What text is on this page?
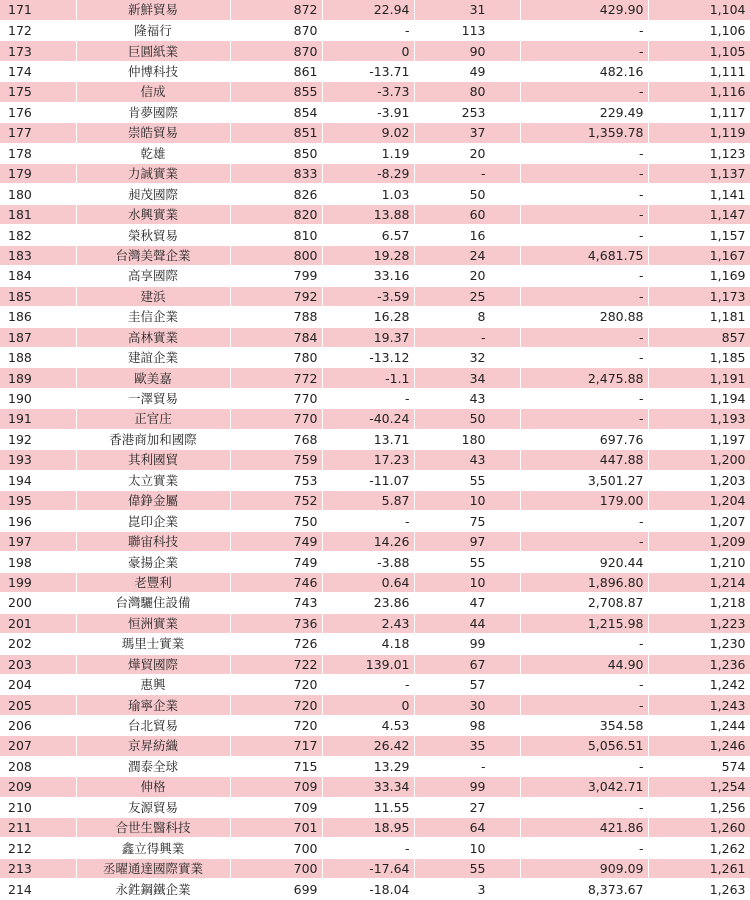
171	新鮮貿易	872	22.94	31	429.90	1,104
172	隆福行	870	-	113	-	1,106
173	巨圓紙業	870	0	90	-	1,105
174	仲博科技	861	-13.71	49	482.16	1,111
175	信成	855	-3.73	80	-	1,116
176	肯夢國際	854	-3.91	253	229.49	1,117
177	崇皓貿易	851	9.02	37	1,359.78	1,119
178	乾雄	850	1.19	20	-	1,123
179	力誠實業	833	-8.29	-	-	1,137
180	昶茂國際	826	1.03	50	-	1,141
181	水興實業	820	13.88	60	-	1,147
182	榮秋貿易	810	6.57	16	-	1,157
183	台灣美聲企業	800	19.28	24	4,681.75	1,167
184	高享國際	799	33.16	20	-	1,169
185	建浜	792	-3.59	25	-	1,173
186	圭信企業	788	16.28	8	280.88	1,181
187	高林實業	784	19.37	-	-	857
188	建誼企業	780	-13.12	32	-	1,185
189	歐美嘉	772	-1.1	34	2,475.88	1,191
190	一澤貿易	770	-	43	-	1,194
191	正官庄	770	-40.24	50	-	1,193
192	香港商加和國際	768	13.71	180	697.76	1,197
193	其利國貿	759	17.23	43	447.88	1,200
194	太立實業	753	-11.07	55	3,501.27	1,203
195	偉錚金屬	752	5.87	10	179.00	1,204
196	崑印企業	750	-	75	-	1,207
197	聯宙科技	749	14.26	97	-	1,209
198	豪揚企業	749	-3.88	55	920.44	1,210
199	老豐利	746	0.64	10	1,896.80	1,214
200	台灣驪住設備	743	23.86	47	2,708.87	1,218
201	恒洲實業	736	2.43	44	1,215.98	1,223
202	瑪里士實業	726	4.18	99	-	1,230
203	燁貿國際	722	139.01	67	44.90	1,236
204	惠興	720	-	57	-	1,242
205	瑜寧企業	720	0	30	-	1,243
206	台北貿易	720	4.53	98	354.58	1,244
207	京昇紡織	717	26.42	35	5,056.51	1,246
208	潤泰全球	715	13.29	-	-	574
209	伸格	709	33.34	99	3,042.71	1,254
210	友源貿易	709	11.55	27	-	1,256
211	合世生醫科技	701	18.95	64	421.86	1,260
212	鑫立得興業	700	-	10	-	1,262
213	丞曜通達國際實業	700	-17.64	55	909.09	1,261
214	永鉎鋼鐵企業	699	-18.04	3	8,373.67	1,263
